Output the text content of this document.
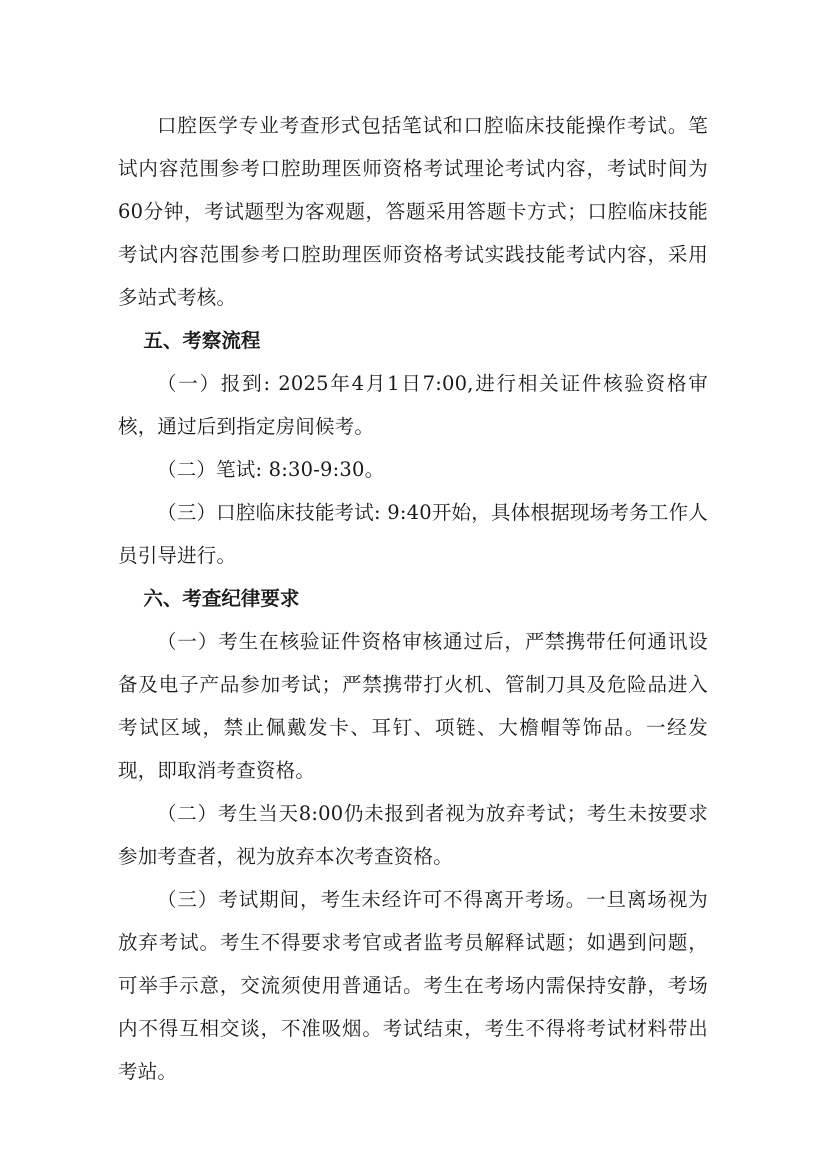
口腔医学专业考查形式包括笔试和口腔临床技能操作考试。笔试内容范围参考口腔助理医师资格考试理论考试内容，考试时间为60分钟，考试题型为客观题，答题采用答题卡方式；口腔临床技能考试内容范围参考口腔助理医师资格考试实践技能考试内容，采用多站式考核。

五、考察流程

（一）报到: 2025年4月1日7:00,进行相关证件核验资格审核，通过后到指定房间候考。

（二）笔试: 8:30-9:30。

（三）口腔临床技能考试: 9:40开始，具体根据现场考务工作人员引导进行。

六、考查纪律要求

（一）考生在核验证件资格审核通过后，严禁携带任何通讯设备及电子产品参加考试；严禁携带打火机、管制刀具及危险品进入考试区域，禁止佩戴发卡、耳钉、项链、大檐帽等饰品。一经发现，即取消考查资格。

（二）考生当天8:00仍未报到者视为放弃考试；考生未按要求参加考查者，视为放弃本次考查资格。

（三）考试期间，考生未经许可不得离开考场。一旦离场视为放弃考试。考生不得要求考官或者监考员解释试题；如遇到问题，可举手示意，交流须使用普通话。考生在考场内需保持安静，考场内不得互相交谈，不准吸烟。考试结束，考生不得将考试材料带出考站。
